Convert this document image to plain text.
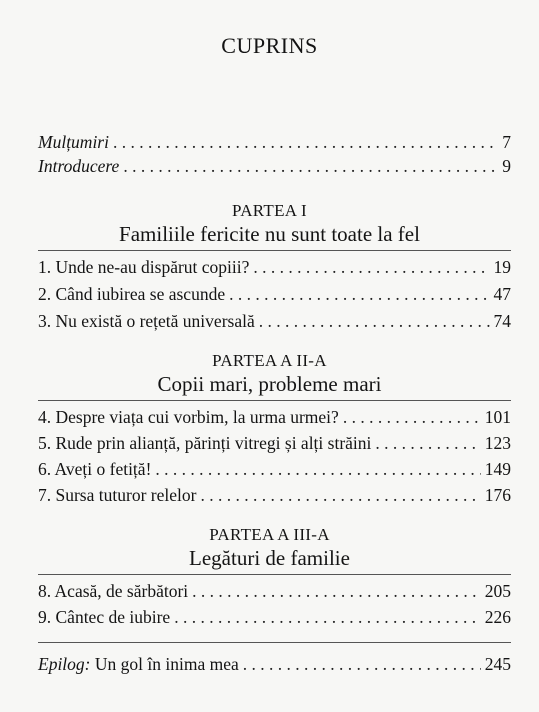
CUPRINS
Mulțumiri . . .	7
Introducere . . .	9
PARTEA I
Familiile fericite nu sunt toate la fel
1. Unde ne-au dispărut copiii? . . .	19
2. Când iubirea se ascunde . . .	47
3. Nu există o rețetă universală . . .	74
PARTEA A II-A
Copii mari, probleme mari
4. Despre viața cui vorbim, la urma urmei? . . .	101
5. Rude prin alianță, părinți vitregi și alți străini . . .	123
6. Aveți o fetiță! . . .	149
7. Sursa tuturor relelor . . .	176
PARTEA A III-A
Legături de familie
8. Acasă, de sărbători . . .	205
9. Cântec de iubire . . .	226
Epilog: Un gol în inima mea . . .	245
